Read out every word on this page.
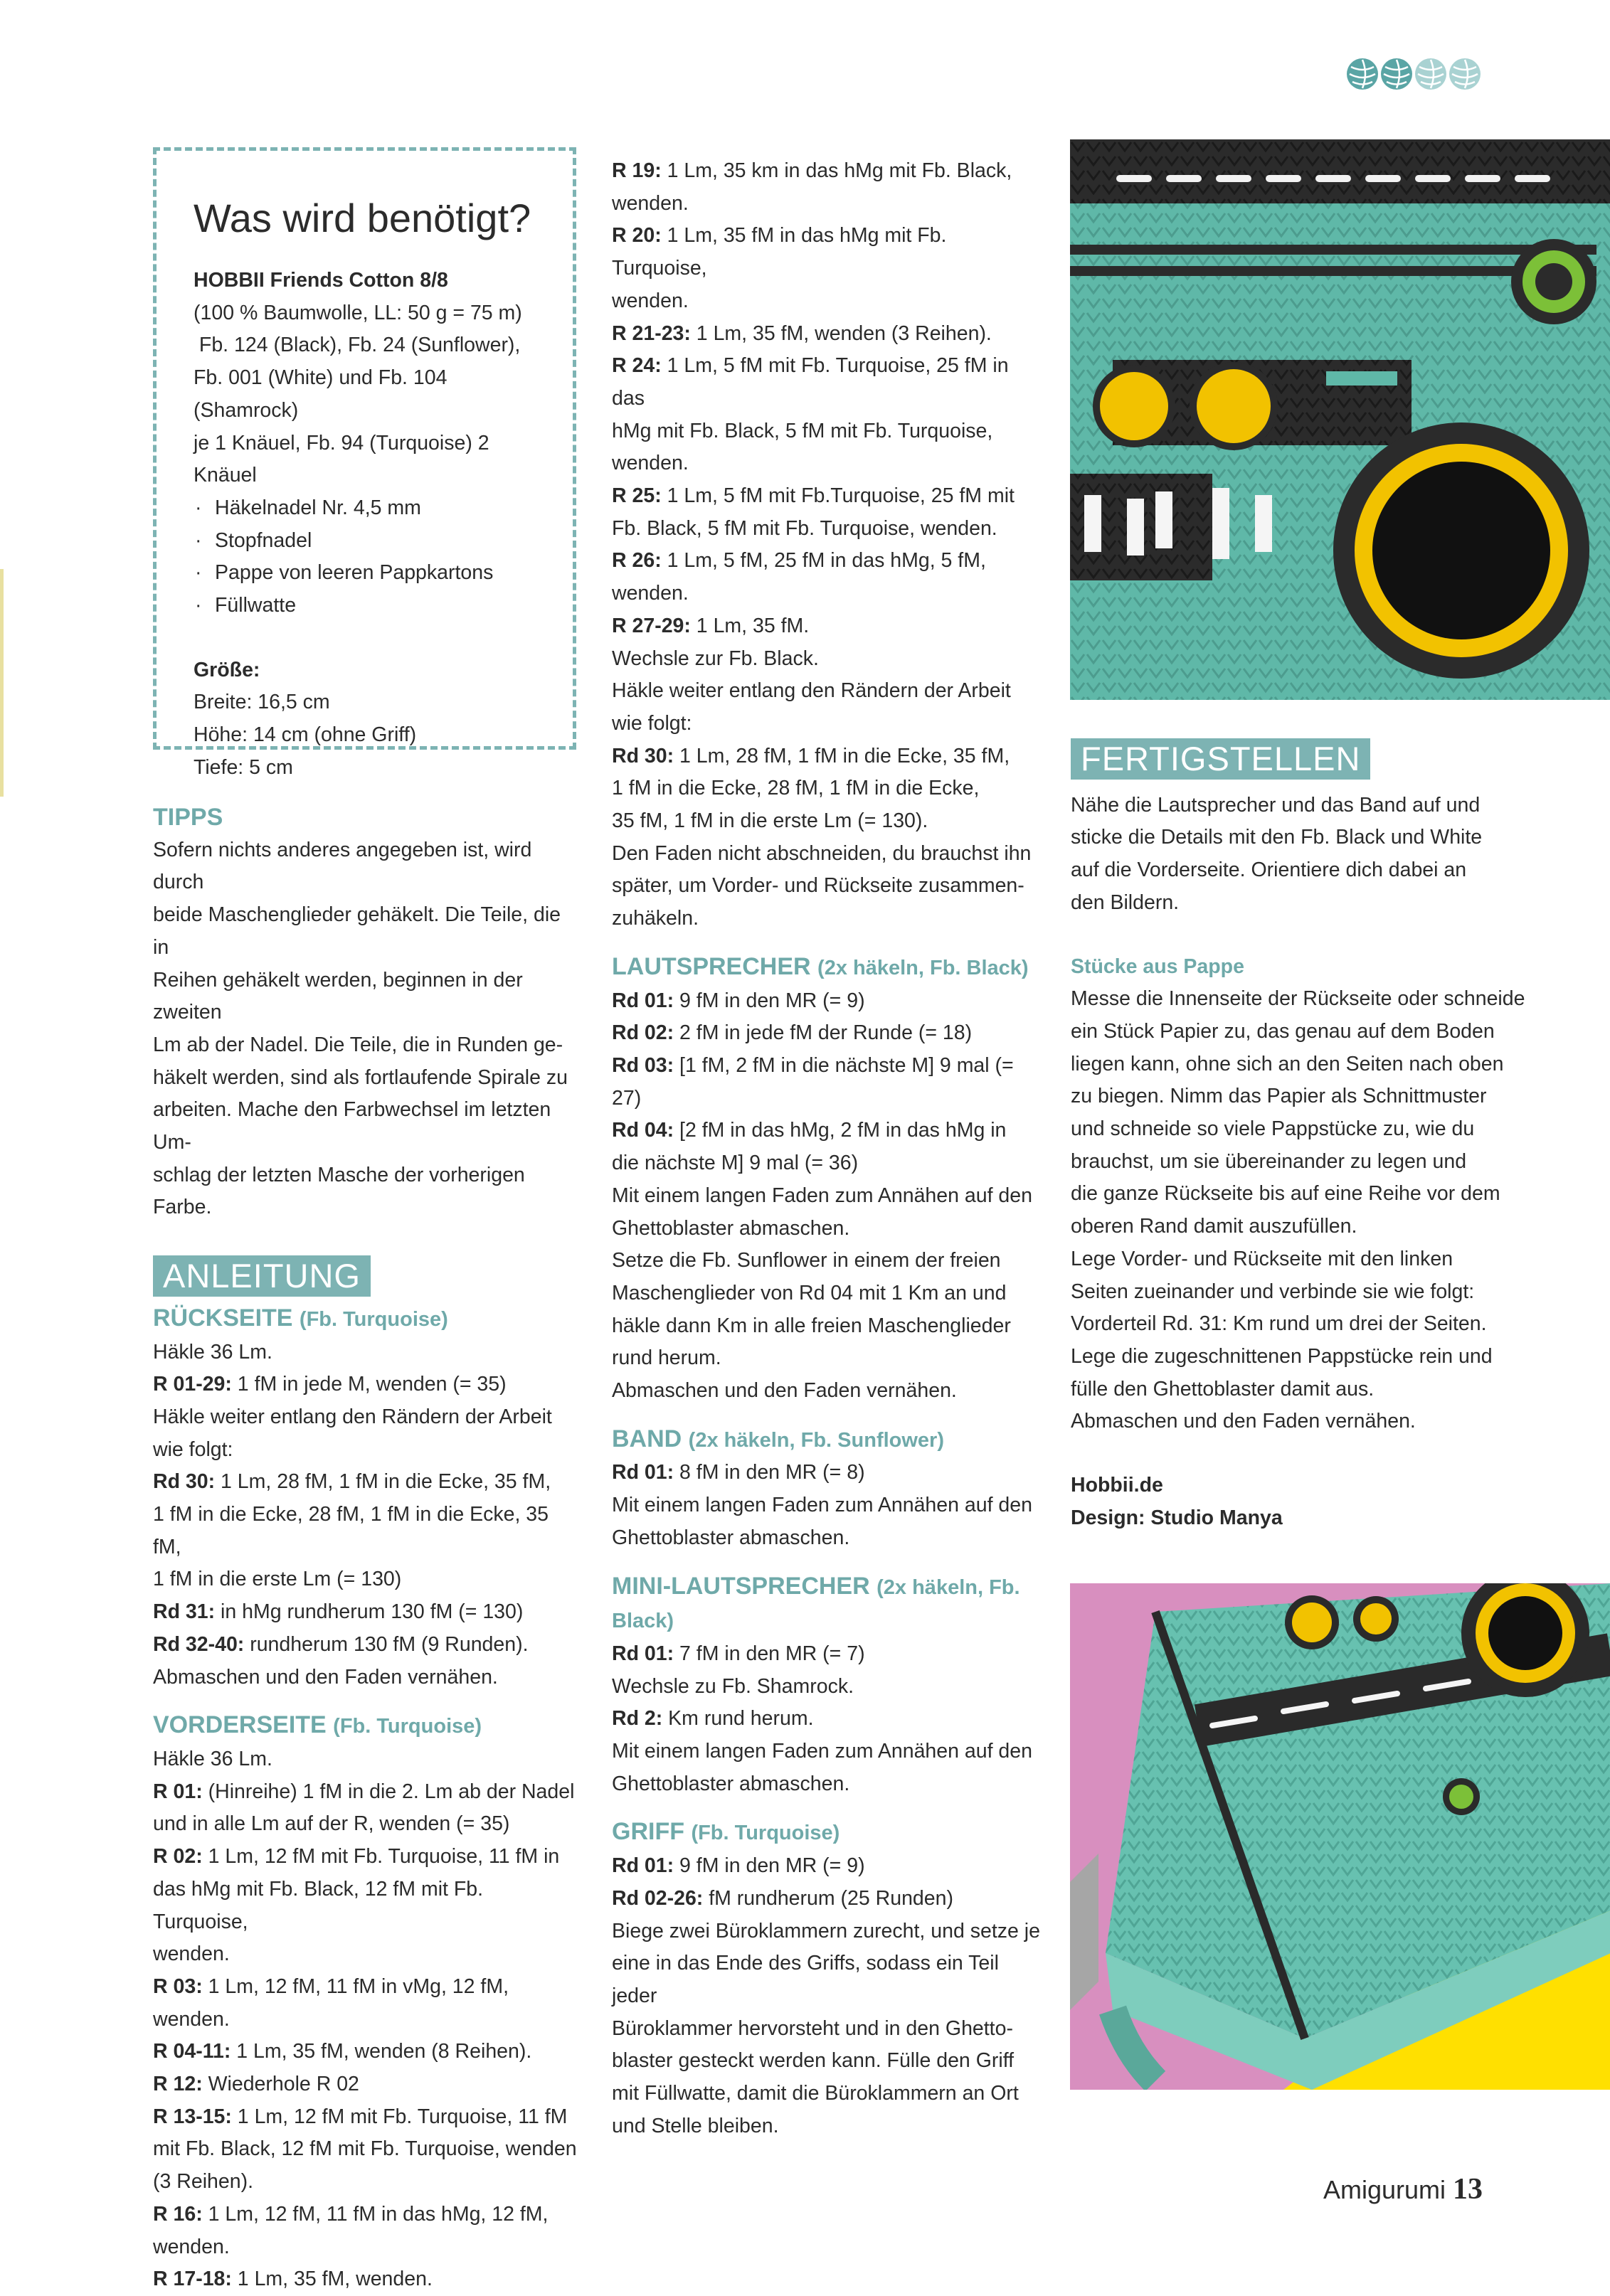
Was wird benötigt?

HOBBII Friends Cotton 8/8

(100 % Baumwolle, LL: 50 g = 75 m)

Fb. 124 (Black), Fb. 24 (Sunflower),

Fb. 001 (White) und Fb. 104 (Shamrock)

je 1 Knäuel, Fb. 94 (Turquoise) 2 Knäuel

· Häkelnadel Nr. 4,5 mm

· Stopfnadel

· Pappe von leeren Pappkartons

· Füllwatte

Größe:

Breite: 16,5 cm

Höhe: 14 cm (ohne Griff)

Tiefe: 5 cm

TIPPS

Sofern nichts anderes angegeben ist, wird durch

beide Maschenglieder gehäkelt. Die Teile, die in

Reihen gehäkelt werden, beginnen in der zweiten

Lm ab der Nadel. Die Teile, die in Runden ge-

häkelt werden, sind als fortlaufende Spirale zu

arbeiten. Mache den Farbwechsel im letzten Um-

schlag der letzten Masche der vorherigen Farbe.

ANLEITUNG

RÜCKSEITE (Fb. Turquoise)

Häkle 36 Lm.

R 01-29: 1 fM in jede M, wenden (= 35)

Häkle weiter entlang den Rändern der Arbeit

wie folgt:

Rd 30: 1 Lm, 28 fM, 1 fM in die Ecke, 35 fM,

1 fM in die Ecke, 28 fM, 1 fM in die Ecke, 35 fM,

1 fM in die erste Lm (= 130)

Rd 31: in hMg rundherum 130 fM (= 130)

Rd 32-40: rundherum 130 fM (9 Runden).

Abmaschen und den Faden vernähen.

VORDERSEITE (Fb. Turquoise)

Häkle 36 Lm.

R 01: (Hinreihe) 1 fM in die 2. Lm ab der Nadel

und in alle Lm auf der R, wenden (= 35)

R 02: 1 Lm, 12 fM mit Fb. Turquoise, 11 fM in

das hMg mit Fb. Black, 12 fM mit Fb. Turquoise,

wenden.

R 03: 1 Lm, 12 fM, 11 fM in vMg, 12 fM, wenden.

R 04-11: 1 Lm, 35 fM, wenden (8 Reihen).

R 12: Wiederhole R 02

R 13-15: 1 Lm, 12 fM mit Fb. Turquoise, 11 fM

mit Fb. Black, 12 fM mit Fb. Turquoise, wenden

(3 Reihen).

R 16: 1 Lm, 12 fM, 11 fM in das hMg, 12 fM,

wenden.

R 17-18: 1 Lm, 35 fM, wenden.

R 19: 1 Lm, 35 km in das hMg mit Fb. Black,

wenden.

R 20: 1 Lm, 35 fM in das hMg mit Fb. Turquoise,

wenden.

R 21-23: 1 Lm, 35 fM, wenden (3 Reihen).

R 24: 1 Lm, 5 fM mit Fb. Turquoise, 25 fM in das

hMg mit Fb. Black, 5 fM mit Fb. Turquoise, wenden.

R 25: 1 Lm, 5 fM mit Fb.Turquoise, 25 fM mit

Fb. Black, 5 fM mit Fb. Turquoise, wenden.

R 26: 1 Lm, 5 fM, 25 fM in das hMg, 5 fM,

wenden.

R 27-29: 1 Lm, 35 fM.

Wechsle zur Fb. Black.

Häkle weiter entlang den Rändern der Arbeit

wie folgt:

Rd 30: 1 Lm, 28 fM, 1 fM in die Ecke, 35 fM,

1 fM in die Ecke, 28 fM, 1 fM in die Ecke,

35 fM, 1 fM in die erste Lm (= 130).

Den Faden nicht abschneiden, du brauchst ihn

später, um Vorder- und Rückseite zusammen-

zuhäkeln.

LAUTSPRECHER (2x häkeln, Fb. Black)

Rd 01: 9 fM in den MR (= 9)

Rd 02: 2 fM in jede fM der Runde (= 18)

Rd 03: [1 fM, 2 fM in die nächste M] 9 mal (= 27)

Rd 04: [2 fM in das hMg, 2 fM in das hMg in

die nächste M] 9 mal (= 36)

Mit einem langen Faden zum Annähen auf den

Ghettoblaster abmaschen.

Setze die Fb. Sunflower in einem der freien

Maschenglieder von Rd 04 mit 1 Km an und

häkle dann Km in alle freien Maschenglieder

rund herum.

Abmaschen und den Faden vernähen.

BAND (2x häkeln, Fb. Sunflower)

Rd 01: 8 fM in den MR (= 8)

Mit einem langen Faden zum Annähen auf den

Ghettoblaster abmaschen.

MINI-LAUTSPRECHER (2x häkeln, Fb. Black)

Rd 01: 7 fM in den MR (= 7)

Wechsle zu Fb. Shamrock.

Rd 2: Km rund herum.

Mit einem langen Faden zum Annähen auf den

Ghettoblaster abmaschen.

GRIFF (Fb. Turquoise)

Rd 01: 9 fM in den MR (= 9)

Rd 02-26: fM rundherum (25 Runden)

Biege zwei Büroklammern zurecht, und setze je

eine in das Ende des Griffs, sodass ein Teil jeder

Büroklammer hervorsteht und in den Ghetto-

blaster gesteckt werden kann. Fülle den Griff

mit Füllwatte, damit die Büroklammern an Ort

und Stelle bleiben.

FERTIGSTELLEN

Nähe die Lautsprecher und das Band auf und

sticke die Details mit den Fb. Black und White

auf die Vorderseite. Orientiere dich dabei an

den Bildern.

Stücke aus Pappe

Messe die Innenseite der Rückseite oder schneide

ein Stück Papier zu, das genau auf dem Boden

liegen kann, ohne sich an den Seiten nach oben

zu biegen. Nimm das Papier als Schnittmuster

und schneide so viele Pappstücke zu, wie du

brauchst, um sie übereinander zu legen und

die ganze Rückseite bis auf eine Reihe vor dem

oberen Rand damit auszufüllen.

Lege Vorder- und Rückseite mit den linken

Seiten zueinander und verbinde sie wie folgt:

Vorderteil Rd. 31: Km rund um drei der Seiten.

Lege die zugeschnittenen Pappstücke rein und

fülle den Ghettoblaster damit aus.

Abmaschen und den Faden vernähen.

Hobbii.de

Design: Studio Manya

Amigurumi 13
